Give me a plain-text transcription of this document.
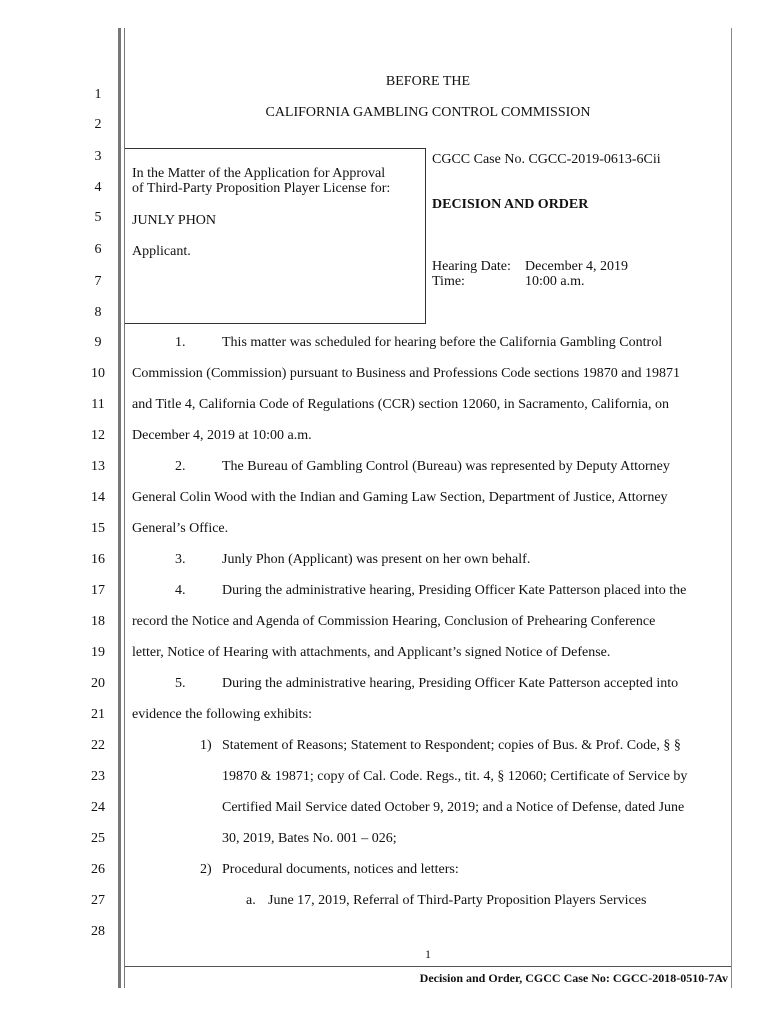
1
2
3
4
5
6
7
8
9
10
11
12
13
14
15
16
17
18
19
20
21
22
23
24
25
26
27
28
BEFORE THE
CALIFORNIA GAMBLING CONTROL COMMISSION
In the Matter of the Application for Approval
of Third-Party Proposition Player License for:
JUNLY PHON
Applicant.
CGCC Case No. CGCC-2019-0613-6Cii
DECISION AND ORDER
Hearing Date: December 4, 2019
Time:	10:00 a.m.
1.	This matter was scheduled for hearing before the California Gambling Control
Commission (Commission) pursuant to Business and Professions Code sections 19870 and 19871
and Title 4, California Code of Regulations (CCR) section 12060, in Sacramento, California, on
December 4, 2019 at 10:00 a.m.
2.	The Bureau of Gambling Control (Bureau) was represented by Deputy Attorney
General Colin Wood with the Indian and Gaming Law Section, Department of Justice, Attorney
General’s Office.
3.	Junly Phon (Applicant) was present on her own behalf.
4.	During the administrative hearing, Presiding Officer Kate Patterson placed into the
record the Notice and Agenda of Commission Hearing, Conclusion of Prehearing Conference
letter, Notice of Hearing with attachments, and Applicant’s signed Notice of Defense.
5.	During the administrative hearing, Presiding Officer Kate Patterson accepted into
evidence the following exhibits:
1) Statement of Reasons; Statement to Respondent; copies of Bus. & Prof. Code, § §
19870 & 19871; copy of Cal. Code. Regs., tit. 4, § 12060; Certificate of Service by
Certified Mail Service dated October 9, 2019; and a Notice of Defense, dated June
30, 2019, Bates No. 001 – 026;
2) Procedural documents, notices and letters:
a. June 17, 2019, Referral of Third-Party Proposition Players Services
1
Decision and Order, CGCC Case No: CGCC-2018-0510-7Av
